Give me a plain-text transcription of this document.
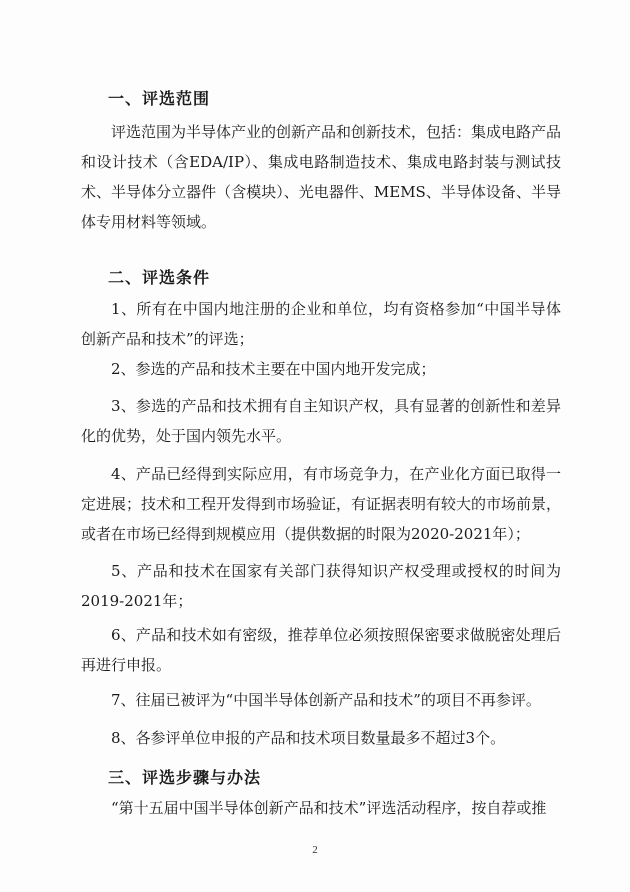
一、评选范围
评选范围为半导体产业的创新产品和创新技术，包括：集成电路产品和设计技术（含EDA/IP）、集成电路制造技术、集成电路封装与测试技术、半导体分立器件（含模块）、光电器件、MEMS、半导体设备、半导体专用材料等领域。
二、评选条件
1、所有在中国内地注册的企业和单位，均有资格参加“中国半导体创新产品和技术”的评选；
2、参选的产品和技术主要在中国内地开发完成；
3、参选的产品和技术拥有自主知识产权，具有显著的创新性和差异化的优势，处于国内领先水平。
4、产品已经得到实际应用，有市场竞争力，在产业化方面已取得一定进展；技术和工程开发得到市场验证，有证据表明有较大的市场前景，或者在市场已经得到规模应用（提供数据的时限为2020-2021年）；
5、产品和技术在国家有关部门获得知识产权受理或授权的时间为2019-2021年；
6、产品和技术如有密级，推荐单位必须按照保密要求做脱密处理后再进行申报。
7、往届已被评为“中国半导体创新产品和技术”的项目不再参评。
8、各参评单位申报的产品和技术项目数量最多不超过3个。
三、评选步骤与办法
“第十五届中国半导体创新产品和技术”评选活动程序，按自荐或推
2
